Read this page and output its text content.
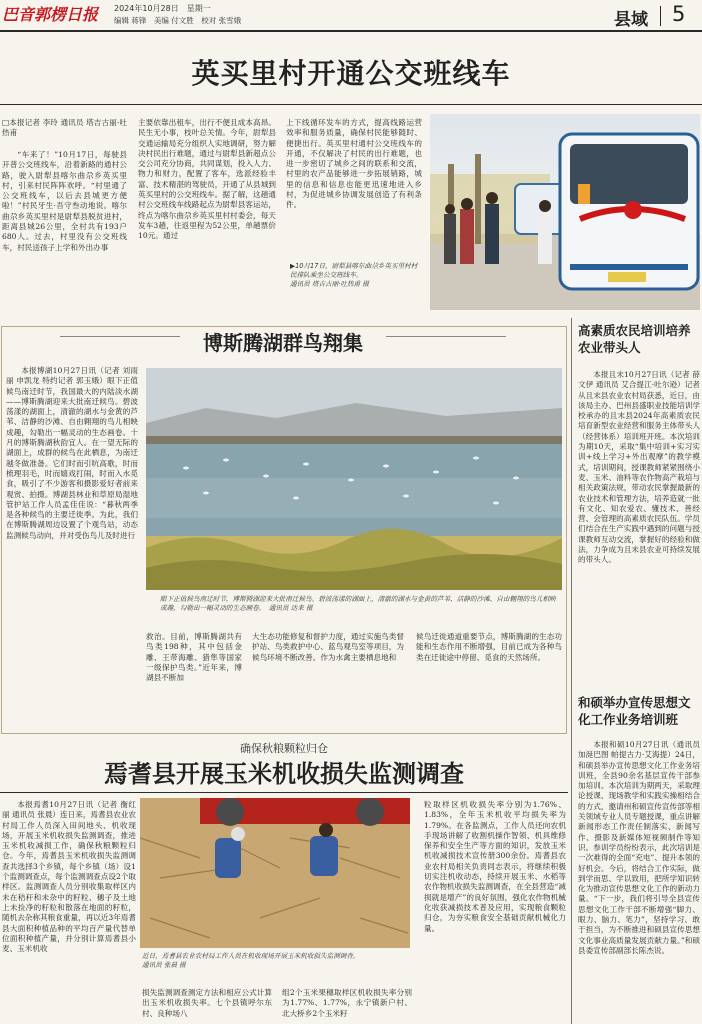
巴音郭楞日报	2024年10月28日　星期一
编辑 蒋锋　美编 付文胜　校对 张雪娥	县域 5
英买里村开通公交班线车
□本报记者 李玲 通讯员 塔吉古丽·吐热甫

“车来了！”10月17日，每驶县开普公交班线车，沿着新路的通村公路，驶入尉犁县喀尔曲尕乡英买里村，引来村民阵阵欢呼。“村里通了公交班线车，以后去县城更方便啦！”村民牙生·吾守叁动地说。喀尔曲尕乡英买里村是尉犁县脱贫进村，距离县城26公里，全村共有193户680人。过去，村里没有公交班线车，村民送孩子上学和外出办事

主要依靠出租车，出行不便且成本高昂。民生无小事，枝叶总关情。今年，尉犁县交通运输局充分组织人实地调研，努力解决村民出行难题，通过与尉犁县新超点公交公司充分协商，共同谋划，投入人力、物力和财力，配置了客车，选派经验丰富、技术精湛的驾驶员，开通了从县城到英买里村的公交班线车。据了解，这趟通村公交班线车线路起点为尉犁县客运站，终点为喀尔曲尕乡英买里村村委会，每天发车3趟，往返里程为52公里，单趟票价10元。通过

上下线循环发车的方式，提高线路运营效率和服务质量，确保村民能够随时、便捷出行。英买里村通村公交班线车的开通，不仅解决了村民的出行难题，也进一步密切了城乡之间的联系和交流，村里的农产品能够进一步拓展销路，城里的信息和信息也能更迅速地进入乡村，为促进城乡协调发展创造了有利条件。

▶10月17日，尉犁县喀尔曲尕乡英买里村村民排队乘坐公交班线车。
通讯员 塔吉古丽·吐热甫 摄
博斯腾湖群鸟翔集

本报博湖10月27日讯（记者 刘雨丽 申凯龙 特约记者 郭玉娥）眼下正值候鸟南迁时节，我国最大的内陆淡水湖——博斯腾湖迎来大批南迁候鸟。碧波荡漾的湖面上，清澈的湖水与金黄的芦苇、洁静的沙滩、自由翱翔的鸟儿相映成趣，勾勒出一幅灵动的生态画卷。十月的博斯腾湖秋韵宜人。在一望无际的湖面上，成群的候鸟在此栖息，为南迁越冬做准备。它们时而引吭高歌，时而梳理羽毛，时而嬉戏打闹，时而入水觅食，吸引了不少游客和摄影爱好者前来观赏、拍摄。博湖县林业和草原局湿地管护站工作人员孟佳佳说：“暮秋两季是各种候鸟的主要迁徙季。为此，我们在博斯腾湖周边设置了个观鸟站，动态监测候鸟动向，并对受伤鸟儿及时进行

眼下正值候鸟南迁时节，博斯腾湖迎来大批南迁候鸟。碧波荡漾的湖面上，清澈的湖水与金黄的芦苇、洁静的沙滩、自由翱翔的鸟儿相映成趣，勾勒出一幅灵动的生态画卷。　通讯员 达来 摄

救治。目前，博斯腾湖共有鸟类198种，其中包括金雕、王带海雕、猎隼等国家一级保护鸟类。”近年来，博湖县不断加

大生态功能修复和督护力度，通过实施鸟类督护站、鸟类救护中心、蓝鸟观鸟室等项目，为候鸟环境不断改善。作为水禽主要栖息地和

候鸟迁徙通道重要节点，博斯腾湖的生态功能和生态作用不断增强，目前已成为各种鸟类在迁徙途中停留、觅食的天然场所。

确保秋粮颗粒归仓
焉耆县开展玉米机收损失监测调查

本报焉耆10月27日讯（记者 衡红丽 通讯员 张晨）连日来，焉耆县农业农村局工作人员深入田间地头、机收现场，开展玉米机收损失监测调查，推进玉米机收减损工作，确保秋粮颗粒归仓。今年，焉耆县玉米机收损失监测调查共选择3个乡镇，每个乡镇（场）设1个监测调查点，每个监测调查点设2个取样区。监测调查人员分别收集取样区内未在秸秆和未杂中的籽粒、穗子及土地上未捡净的籽粒和散落在地面的籽粒，随机去杂称其粮食重量，再以近3年焉耆县大面积种植品种的平均百产量代替单位面积种植产量，并分别计算焉耆县小麦、玉米机收

近日，焉耆县农业农村局工作人员在机收现场开展玉米机收损失监测调查。
通讯员 张晨 摄

损失监测调查测定方法和相应公式计算出玉米机收损失率。七个县镇呼尔东村、良种场八

组2个玉米果穗取样区机收损失率分别为1.77%、1.77%，永宁镇新户村、北大桥乡2个玉米籽

粒取样区机收损失率分别为1.76%、1.83%，全年玉米机收平均损失率为1.79%。在各监测点，工作人员还向农机手现场讲解了收割机操作智领、机具维修保养和安全生产等方面的知识，发放玉米机收减损技术宣传册300余份。焉耆县农业农村局相关负责同志表示，将继续积极切实注机收动态，持续开展玉米、水稻等农作物机收损失监测调查，在全县营造“减损就是增产”的良好氛围，强化农作物机械化收获减损技术普及应用，实现粮食颗粒归仓，为夯实粮食安全基础贡献机械化力量。

高素质农民培训培养农业带头人

本报且末10月27日讯（记者 薛文伊 通讯员 艾合提江·吐尔逊）记者从且末县农业农村局获悉，近日，由该局主办、巴州县盛职业技能培训学校承办的且末县2024年高素质农民培育新型农业经营和服务主体带头人（经营体系）培训班开班。本次培训为期10天，采取“集中培训+实习实训+线上学习+外出观摩”的教学模式，培训期间，授课教师紧紧围绕小麦、玉米、油料等农作物高产栽培与相关政策法规，带动农民掌握最新的农业技术和管理方法，培养造就一批有文化、知农爱农、懂技术、善经营、会管理的高素质农民队伍。学员们结合在生产实践中遇到的问题与授课教师互动交流，掌握好的经验和做法，力争成为且末县农业可持续发展的带头人。

和硕举办宣传思想文化工作业务培训班

本报和硕10月27日讯（通讯员 加涎巴图 帕提古力·艾海提）24日，和硕县举办宣传思想文化工作业务培训班，全县90余名基层宣传干部参加培训。本次培训为期两天，采取理论授课、现场教学和实践实操相结合的方式，邀请州和硕宣传宣传部等相关领域专业人员专题授课，重点讲解新闻形态工作责任制落实、新闻写作、摄影及新媒体短视频制作等知识。参训学员纷纷表示，此次培训是一次难得的全面“充电”、提升本领的好机会。今后，将结合工作实际，做到学而思、学以致用，把所学知识转化为推动宣传思想文化工作的新动力量。“下一步，我们将引导全县宣传思想文化工作干部不断增强“脚力、眼力、脑力、笔力”，坚持学习、敢于担当，为不断推进和硕县宣传思想文化事业高质量发展贡献力量。”和硕县委宣传部副部长陈杰说。
